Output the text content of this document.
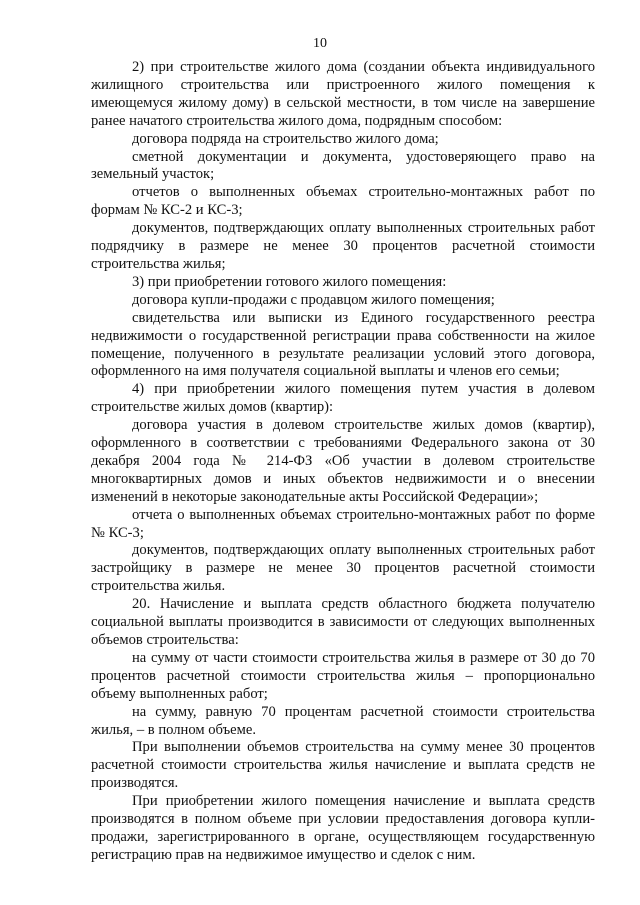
10

2) при строительстве жилого дома (создании объекта индивидуального жилищного строительства или пристроенного жилого помещения к имеющемуся жилому дому) в сельской местности, в том числе на завершение ранее начатого строительства жилого дома, подрядным способом:

договора подряда на строительство жилого дома;

сметной документации и документа, удостоверяющего право на земельный участок;

отчетов о выполненных объемах строительно-монтажных работ по формам № КС-2 и КС-3;

документов, подтверждающих оплату выполненных строительных работ подрядчику в размере не менее 30 процентов расчетной стоимости строительства жилья;

3) при приобретении готового жилого помещения:

договора купли-продажи с продавцом жилого помещения;

свидетельства или выписки из Единого государственного реестра недвижимости о государственной регистрации права собственности на жилое помещение, полученного в результате реализации условий этого договора, оформленного на имя получателя социальной выплаты и членов его семьи;

4) при приобретении жилого помещения путем участия в долевом строительстве жилых домов (квартир):

договора участия в долевом строительстве жилых домов (квартир), оформленного в соответствии с требованиями Федерального закона от 30 декабря 2004 года № 214-ФЗ «Об участии в долевом строительстве многоквартирных домов и иных объектов недвижимости и о внесении изменений в некоторые законодательные акты Российской Федерации»;

отчета о выполненных объемах строительно-монтажных работ по форме № КС-3;

документов, подтверждающих оплату выполненных строительных работ застройщику в размере не менее 30 процентов расчетной стоимости строительства жилья.

20. Начисление и выплата средств областного бюджета получателю социальной выплаты производится в зависимости от следующих выполненных объемов строительства:

на сумму от части стоимости строительства жилья в размере от 30 до 70 процентов расчетной стоимости строительства жилья – пропорционально объему выполненных работ;

на сумму, равную 70 процентам расчетной стоимости строительства жилья, – в полном объеме.

При выполнении объемов строительства на сумму менее 30 процентов расчетной стоимости строительства жилья начисление и выплата средств не производятся.

При приобретении жилого помещения начисление и выплата средств производятся в полном объеме при условии предоставления договора купли-продажи, зарегистрированного в органе, осуществляющем государственную регистрацию прав на недвижимое имущество и сделок с ним.
